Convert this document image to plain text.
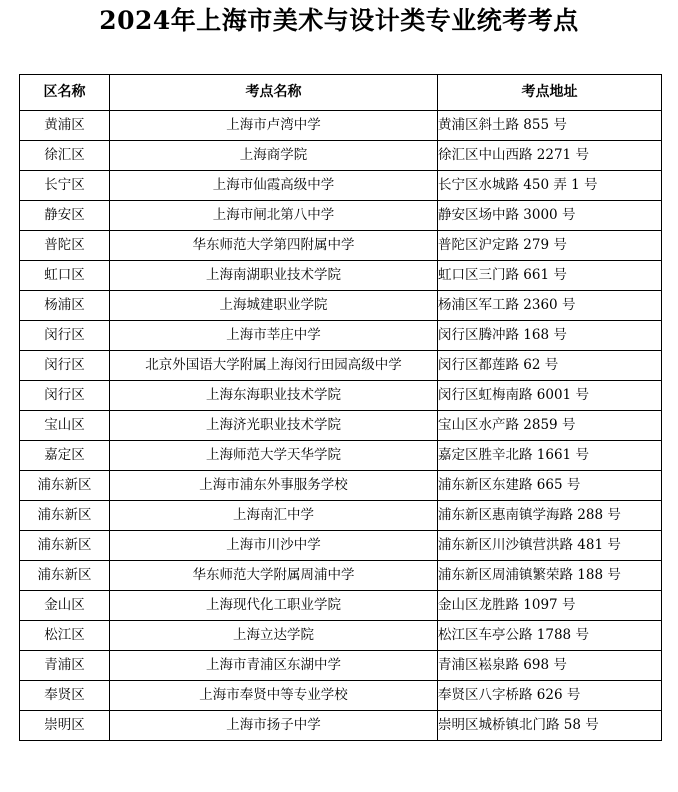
2024年上海市美术与设计类专业统考考点
区名称	考点名称	考点地址
黄浦区	上海市卢湾中学	黄浦区斜土路 855 号
徐汇区	上海商学院	徐汇区中山西路 2271 号
长宁区	上海市仙霞高级中学	长宁区水城路 450 弄 1 号
静安区	上海市闸北第八中学	静安区场中路 3000 号
普陀区	华东师范大学第四附属中学	普陀区沪定路 279 号
虹口区	上海南湖职业技术学院	虹口区三门路 661 号
杨浦区	上海城建职业学院	杨浦区军工路 2360 号
闵行区	上海市莘庄中学	闵行区腾冲路 168 号
闵行区	北京外国语大学附属上海闵行田园高级中学	闵行区都莲路 62 号
闵行区	上海东海职业技术学院	闵行区虹梅南路 6001 号
宝山区	上海济光职业技术学院	宝山区水产路 2859 号
嘉定区	上海师范大学天华学院	嘉定区胜辛北路 1661 号
浦东新区	上海市浦东外事服务学校	浦东新区东建路 665 号
浦东新区	上海南汇中学	浦东新区惠南镇学海路 288 号
浦东新区	上海市川沙中学	浦东新区川沙镇营洪路 481 号
浦东新区	华东师范大学附属周浦中学	浦东新区周浦镇繁荣路 188 号
金山区	上海现代化工职业学院	金山区龙胜路 1097 号
松江区	上海立达学院	松江区车亭公路 1788 号
青浦区	上海市青浦区东湖中学	青浦区崧泉路 698 号
奉贤区	上海市奉贤中等专业学校	奉贤区八字桥路 626 号
崇明区	上海市扬子中学	崇明区城桥镇北门路 58 号
